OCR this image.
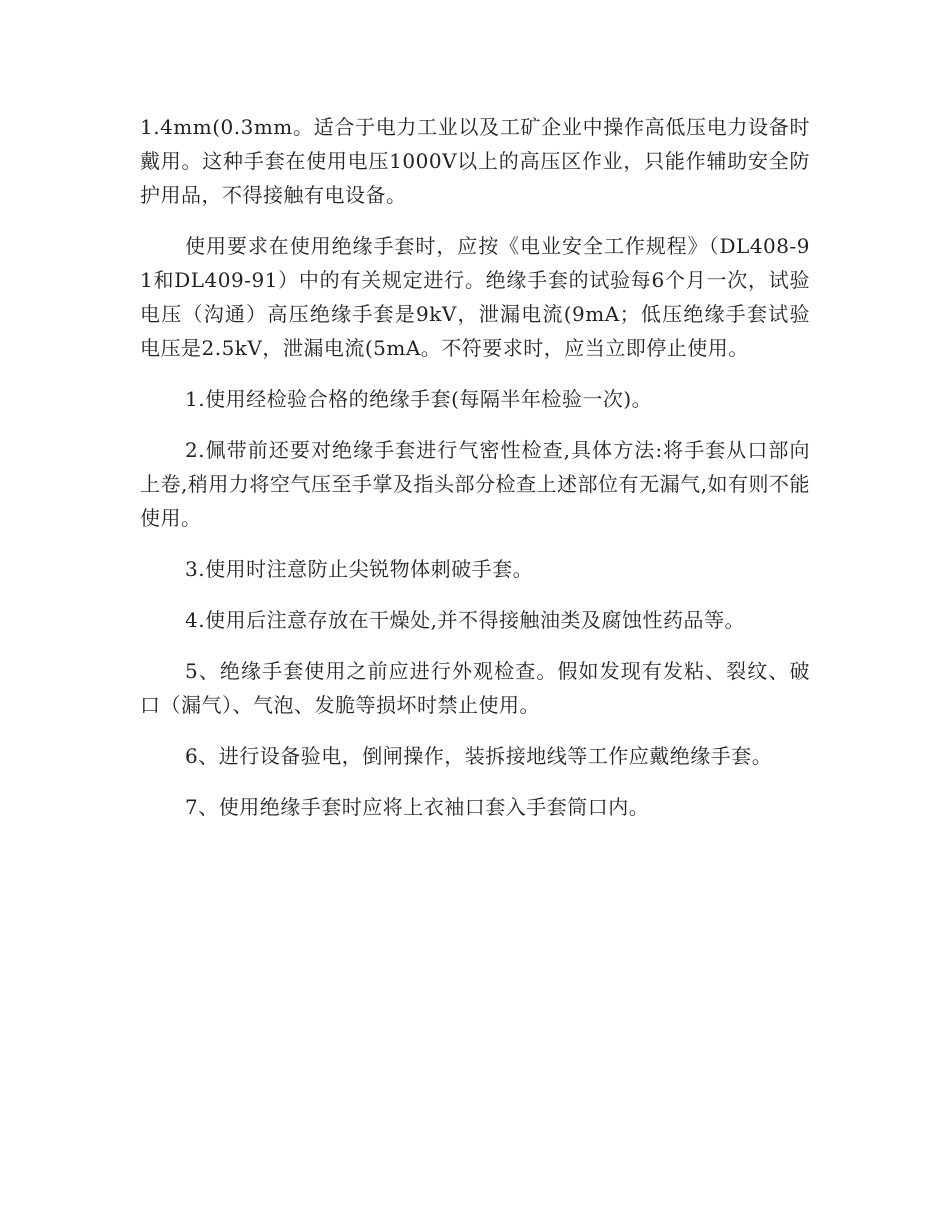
1.4mm(0.3mm。适合于电力工业以及工矿企业中操作高低压电力设备时戴用。这种手套在使用电压1000V以上的高压区作业，只能作辅助安全防护用品，不得接触有电设备。

使用要求在使用绝缘手套时，应按《电业安全工作规程》（DL408-91和DL409-91）中的有关规定进行。绝缘手套的试验每6个月一次，试验电压（沟通）高压绝缘手套是9kV，泄漏电流(9mA；低压绝缘手套试验电压是2.5kV，泄漏电流(5mA。不符要求时，应当立即停止使用。

1.使用经检验合格的绝缘手套(每隔半年检验一次)。

2.佩带前还要对绝缘手套进行气密性检查,具体方法:将手套从口部向上卷,稍用力将空气压至手掌及指头部分检查上述部位有无漏气,如有则不能使用。

3.使用时注意防止尖锐物体刺破手套。

4.使用后注意存放在干燥处,并不得接触油类及腐蚀性药品等。

5、绝缘手套使用之前应进行外观检查。假如发现有发粘、裂纹、破口（漏气）、气泡、发脆等损坏时禁止使用。

6、进行设备验电，倒闸操作，装拆接地线等工作应戴绝缘手套。

7、使用绝缘手套时应将上衣袖口套入手套筒口内。
